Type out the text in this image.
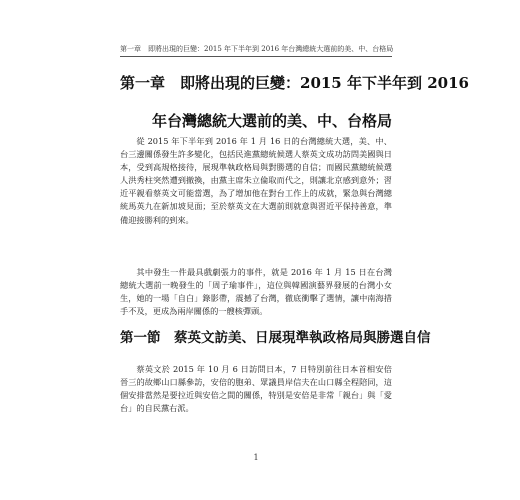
第一章　即將出現的巨變：2015 年下半年到 2016 年台灣總統大選前的美、中、台格局
第一章　即將出現的巨變：2015 年下半年到 2016
年台灣總統大選前的美、中、台格局

從 2015 年下半年到 2016 年 1 月 16 日的台灣總統大選，美、中、台三邊關係發生許多變化，包括民進黨總統候選人蔡英文成功訪問美國與日本，受到高規格接待，展現準執政格局與對勝選的自信；而國民黨總統候選人洪秀柱突然遭到撤換，由黨主席朱立倫取而代之，則讓北京感到意外；習近平親看蔡英文可能當選，為了增加他在對台工作上的成就，緊急與台灣總統馬英九在新加坡見面；至於蔡英文在大選前則就意與習近平保持善意，準備迎接勝利的到來。

其中發生一件最具戲劇張力的事件，就是 2016 年 1 月 15 日在台灣總統大選前一晚發生的「周子瑜事件」，這位與韓國演藝界發展的台灣小女生，她的一場「自白」錄影帶，震撼了台灣，徹底衝擊了選情，讓中南海措手不及，更成為兩岸關係的一艘核彈頭。

第一節　蔡英文訪美、日展現準執政格局與勝選自信

蔡英文於 2015 年 10 月 6 日訪問日本，7 日特別前往日本首相安倍晉三的故鄉山口縣參訪，安倍的胞弟、眾議員岸信夫在山口縣全程陪同，這個安排當然是要拉近與安倍之間的關係，特別是安倍是非常「親台」與「愛台」的自民黨右派。

1
